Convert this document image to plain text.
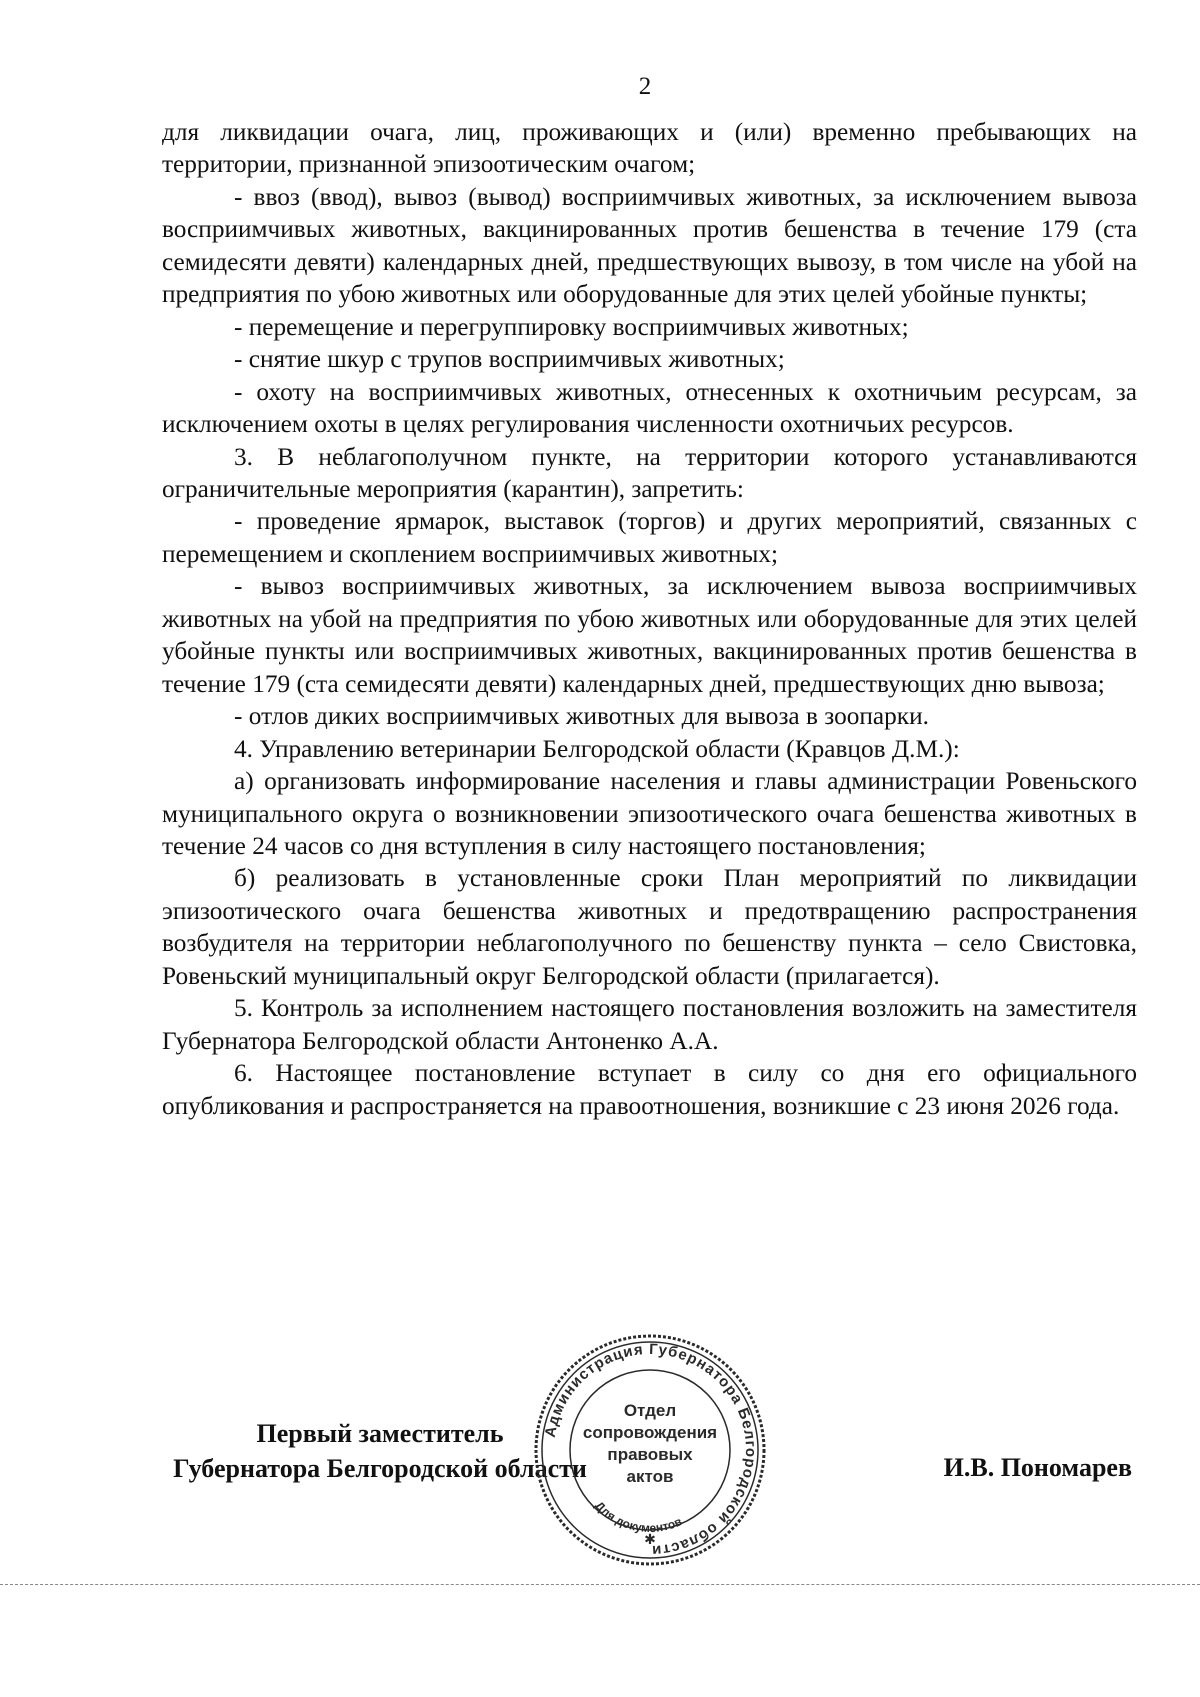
2

для ликвидации очага, лиц, проживающих и (или) временно пребывающих на территории, признанной эпизоотическим очагом;

- ввоз (ввод), вывоз (вывод) восприимчивых животных, за исключением вывоза восприимчивых животных, вакцинированных против бешенства в течение 179 (ста семидесяти девяти) календарных дней, предшествующих вывозу, в том числе на убой на предприятия по убою животных или оборудованные для этих целей убойные пункты;

- перемещение и перегруппировку восприимчивых животных;

- снятие шкур с трупов восприимчивых животных;

- охоту на восприимчивых животных, отнесенных к охотничьим ресурсам, за исключением охоты в целях регулирования численности охотничьих ресурсов.

3. В неблагополучном пункте, на территории которого устанавливаются ограничительные мероприятия (карантин), запретить:

- проведение ярмарок, выставок (торгов) и других мероприятий, связанных с перемещением и скоплением восприимчивых животных;

- вывоз восприимчивых животных, за исключением вывоза восприимчивых животных на убой на предприятия по убою животных или оборудованные для этих целей убойные пункты или восприимчивых животных, вакцинированных против бешенства в течение 179 (ста семидесяти девяти) календарных дней, предшествующих дню вывоза;

- отлов диких восприимчивых животных для вывоза в зоопарки.

4. Управлению ветеринарии Белгородской области (Кравцов Д.М.):

а) организовать информирование населения и главы администрации Ровеньского муниципального округа о возникновении эпизоотического очага бешенства животных в течение 24 часов со дня вступления в силу настоящего постановления;

б) реализовать в установленные сроки План мероприятий по ликвидации эпизоотического очага бешенства животных и предотвращению распространения возбудителя на территории неблагополучного по бешенству пункта – село Свистовка, Ровеньский муниципальный округ Белгородской области (прилагается).

5. Контроль за исполнением настоящего постановления возложить на заместителя Губернатора Белгородской области Антоненко А.А.

6. Настоящее постановление вступает в силу со дня его официального опубликования и распространяется на правоотношения, возникшие с 23 июня 2026 года.

Первый заместитель
Губернатора Белгородской области	И.В. Пономарев
Администрация Губернатора Белгородской области
Отдел
сопровождения
правовых
актов
Для документов
✱
